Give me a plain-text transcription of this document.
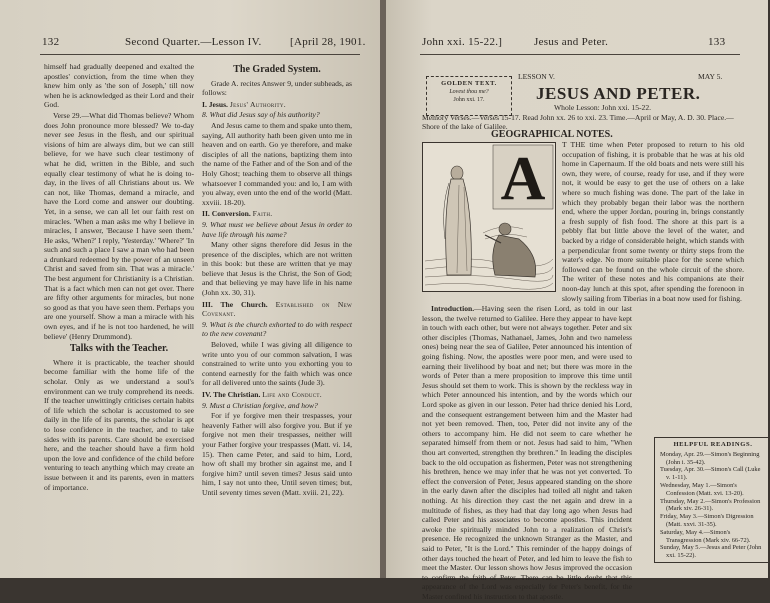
132	Second Quarter.—Lesson IV.	[April 28, 1901.

himself had gradually deepened and exalted the apostles' conviction, from the time when they knew him only as 'the son of Joseph,' till now when he is acknowledged as their Lord and their God.

Verse 29.—What did Thomas believe? Whom does John pronounce more blessed? We to-day never see Jesus in the flesh, and our spiritual visions of him are always dim, but we can still believe, for we have such clear testimony of what he did, written in the Bible, and such equally clear testimony of what he is doing to-day, in the lives of all Christians about us. We can not, like Thomas, demand a miracle, and have the Lord come and answer our doubting. Yet, in a sense, we can all let our faith rest on miracles. 'When a man asks me why I believe in miracles, I answer, 'Because I have seen them.' He asks, 'When?' I reply, 'Yesterday.' 'Where?' 'In such and such a place I saw a man who had been a drunkard redeemed by the power of an unseen Christ and saved from sin. That was a miracle.' The best argument for Christianity is a Christian. That is a fact which men can not get over. There are fifty other arguments for miracles, but none so good as that you have seen them. Perhaps you are one yourself. Show a man a miracle with his own eyes, and if he is not too hardened, he will believe' (Henry Drummond).

Talks with the Teacher.

Where it is practicable, the teacher should become familiar with the home life of the scholar. Only as we understand a soul's environment can we truly comprehend its needs. If the teacher unwittingly criticises certain habits of life which the scholar is accustomed to see daily in the life of its parents, the scholar is apt to lose confidence in the teacher, and to take sides with its parents. Care should be exercised here, and the teacher should have a firm hold upon the love and confidence of the child before venturing to teach anything which may create an issue between it and its parents, even in matters of importance.

The Graded System.

Grade A. recites Answer 9, under subheads, as follows:

I. Jesus. Jesus' Authority.

8. What did Jesus say of his authority?

And Jesus came to them and spake unto them, saying, All authority hath been given unto me in heaven and on earth. Go ye therefore, and make disciples of all the nations, baptizing them into the name of the Father and of the Son and of the Holy Ghost; teaching them to observe all things whatsoever I commanded you: and lo, I am with you alway, even unto the end of the world (Matt. xxviii. 18-20).

II. Conversion. Faith.

9. What must we believe about Jesus in order to have life through his name?

Many other signs therefore did Jesus in the presence of the disciples, which are not written in this book: but these are written that ye may believe that Jesus is the Christ, the Son of God; and that believing ye may have life in his name (John xx. 30, 31).

III. The Church. Established on New Covenant.

9. What is the church exhorted to do with respect to the new covenant?

Beloved, while I was giving all diligence to write unto you of our common salvation, I was constrained to write unto you exhorting you to contend earnestly for the faith which was once for all delivered unto the saints (Jude 3).

IV. The Christian. Life and Conduct.

9. Must a Christian forgive, and how?

For if ye forgive men their trespasses, your heavenly Father will also forgive you. But if ye forgive not men their trespasses, neither will your Father forgive your trespasses (Matt. vi. 14, 15). Then came Peter, and said to him, Lord, how oft shall my brother sin against me, and I forgive him? until seven times? Jesus said unto him, I say not unto thee, Until seven times; but, Until seventy times seven (Matt. xviii. 21, 22).

John xxi. 15-22.]	Jesus and Peter.	133
GOLDEN TEXT.
Lovest thou me?
John xxi. 17.
LESSON V.	MAY 5.
JESUS AND PETER.
Whole Lesson: John xxi. 15-22.
Memory Verses.—Verses 15-17. Read John xx. 26 to xxi. 23. Time.—April or May, A. D. 30. Place.—Shore of the lake of Galilee.
GEOGRAPHICAL NOTES.
A

T THE time when Peter proposed to return to his old occupation of fishing, it is probable that he was at his old home in Capernaum. If the old boats and nets were still his own, they were, of course, ready for use, and if they were not, it would be easy to get the use of others on a lake where so much fishing was done. The part of the lake in which they probably began their labor was the northern end, where the upper Jordan, pouring in, brings constantly a fresh supply of fish food. The shore at this part is a pebbly flat but little above the level of the water, and backed by a ridge of considerable height, which stands with a perpendicular front some twenty or thirty steps from the water's edge. No more suitable place for the scene which followed can be found on the whole circuit of the shore. The writer of these notes and his companions ate their noon-day lunch at this spot, after spending the forenoon in slowly sailing from Tiberias in a boat now used for fishing.

Introduction.—Having seen the risen Lord, as told in our last lesson, the twelve returned to Galilee. Here they appear to have kept in touch with each other, but were not always together. Peter and six other disciples (Thomas, Nathanael, James, John and two nameless ones) being near the sea of Galilee, Peter announced his intention of going fishing. Now, the apostles were poor men, and were used to earning their livelihood by boat and net; but there was more in the words of Peter than a mere proposition to improve this time until Jesus should set them to work. This is shown by the reckless way in which Peter announced his intention, and by the words which our Lord spoke as given in our lesson. Peter had thrice denied his Lord, and the consequent estrangement between him and the Master had not yet been removed. Then, too, Peter did not invite any of the others to accompany him. He did not seem to care whether he separated himself from them or not. Jesus had said to him, "When thou art converted, strengthen thy brethren." In leading the disciples back to the old occupation as fishermen, Peter was not strengthening his brethren, hence we may infer that he was not yet converted. To effect the conversion of Peter, Jesus appeared standing on the shore in the early dawn after the disciples had toiled all night and taken nothing. At his direction they cast the net again and drew in a multitude of fishes, as they had that day long ago when Jesus had called Peter and his associates to become apostles. This incident awoke the spiritually minded John to a realization of Christ's presence. He recognized the unknown Stranger as the Master, and said to Peter, "It is the Lord." This reminder of the happy doings of other days touched the heart of Peter, and led him to leave the fish to meet the Master. Our lesson shows how Jesus improved the occasion to confirm the faith of Peter. There can be little doubt that this appearance of the Lord was especially for Peter's benefit, for the Master confined his instruction to that apostle.

HELPFUL READINGS.
Monday, Apr. 29.—Simon's Beginning (John i. 35-42).
Tuesday, Apr. 30.—Simon's Call (Luke v. 1-11).
Wednesday, May 1.—Simon's Confession (Matt. xvi. 13-20).
Thursday, May 2.—Simon's Profession (Mark xiv. 26-31).
Friday, May 3.—Simon's Digression (Matt. xxvi. 31-35).
Saturday, May 4.—Simon's Transgression (Mark xiv. 66-72).
Sunday, May 5.—Jesus and Peter (John xxi. 15-22).
